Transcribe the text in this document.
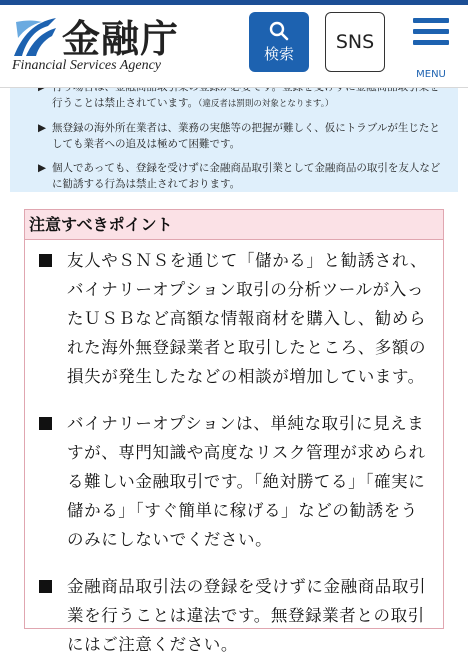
行うことは禁止されています。（違反者は罰則の対象となります。）
▶ 無登録の海外所在業者は、業務の実態等の把握が難しく、仮にトラブルが生じたとしても業者への追及は極めて困難です。
▶ 個人であっても、登録を受けずに金融商品取引業として金融商品の取引を友人などに勧誘する行為は禁止されております。
金融庁
Financial Services Agency
検索
SNS
MENU
注意すべきポイント
友人やＳＮＳを通じて「儲かる」と勧誘され、バイナリーオプション取引の分析ツールが入ったＵＳＢなど高額な情報商材を購入し、勧められた海外無登録業者と取引したところ、多額の損失が発生したなどの相談が増加しています。
バイナリーオプションは、単純な取引に見えますが、専門知識や高度なリスク管理が求められる難しい金融取引です。「絶対勝てる」「確実に儲かる」「すぐ簡単に稼げる」などの勧誘をうのみにしないでください。
金融商品取引法の登録を受けずに金融商品取引業を行うことは違法です。無登録業者との取引にはご注意ください。
